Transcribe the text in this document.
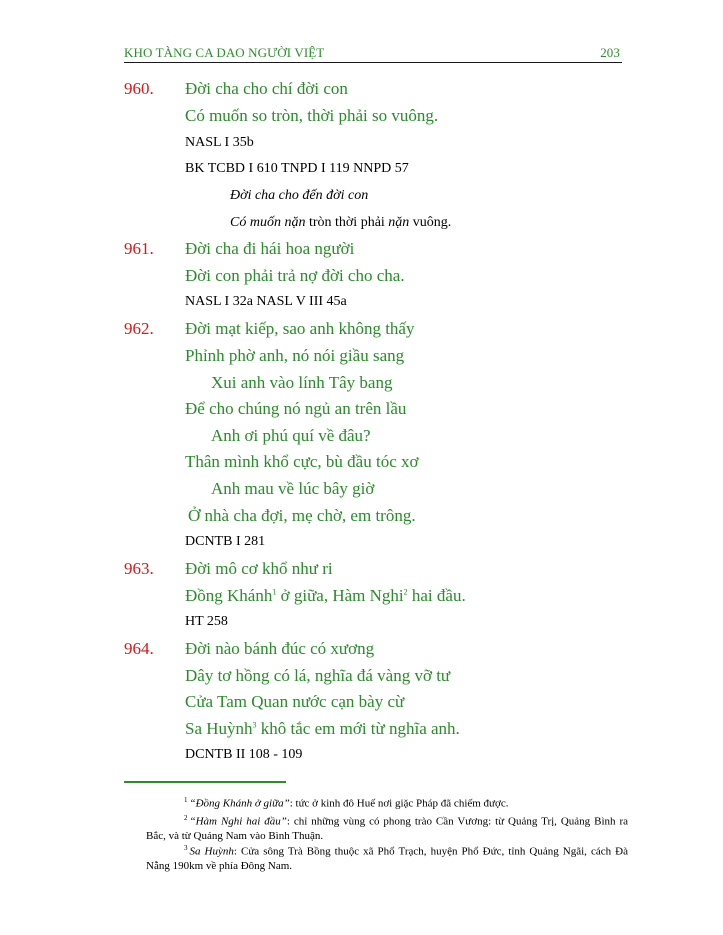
KHO TÀNG CA DAO NGƯỜI VIỆT	203
960. Đời cha cho chí đời con
Có muốn so tròn, thời phải so vuông.
NASL I 35b
BK TCBD I 610 TNPD I 119 NNPD 57
Đời cha cho đến đời con
Có muốn nặn tròn thời phải nặn vuông.
961. Đời cha đi hái hoa người
Đời con phải trả nợ đời cho cha.
NASL I 32a NASL V III 45a
962. Đời mạt kiếp, sao anh không thấy
Phỉnh phờ anh, nó nói giầu sang
Xui anh vào lính Tây bang
Để cho chúng nó ngủ an trên lầu
Anh ơi phú quí về đâu?
Thân mình khổ cực, bù đầu tóc xơ
Anh mau về lúc bây giờ
Ở nhà cha đợi, mẹ chờ, em trông.
DCNTB I 281
963. Đời mô cơ khổ như ri
Đồng Khánh$^1$ ở giữa, Hàm Nghi$^2$ hai đầu.
HT 258
964. Đời nào bánh đúc có xương
Dây tơ hồng có lá, nghĩa đá vàng vỡ tư
Cửa Tam Quan nước cạn bày cừ
Sa Huỳnh$^3$ khô tắc em mới từ nghĩa anh.
DCNTB II 108 - 109
$^1$ “Đồng Khánh ở giữa”: tức ở kinh đô Huế nơi giặc Pháp đã chiếm được.
$^2$ “Hàm Nghi hai đầu”: chỉ những vùng có phong trào Cần Vương: từ Quảng Trị, Quảng Bình ra Bắc, và từ Quảng Nam vào Bình Thuận.
$^3$ Sa Huỳnh: Cửa sông Trà Bồng thuộc xã Phổ Trạch, huyện Phổ Đức, tỉnh Quảng Ngãi, cách Đà Nẵng 190km về phía Đông Nam.
